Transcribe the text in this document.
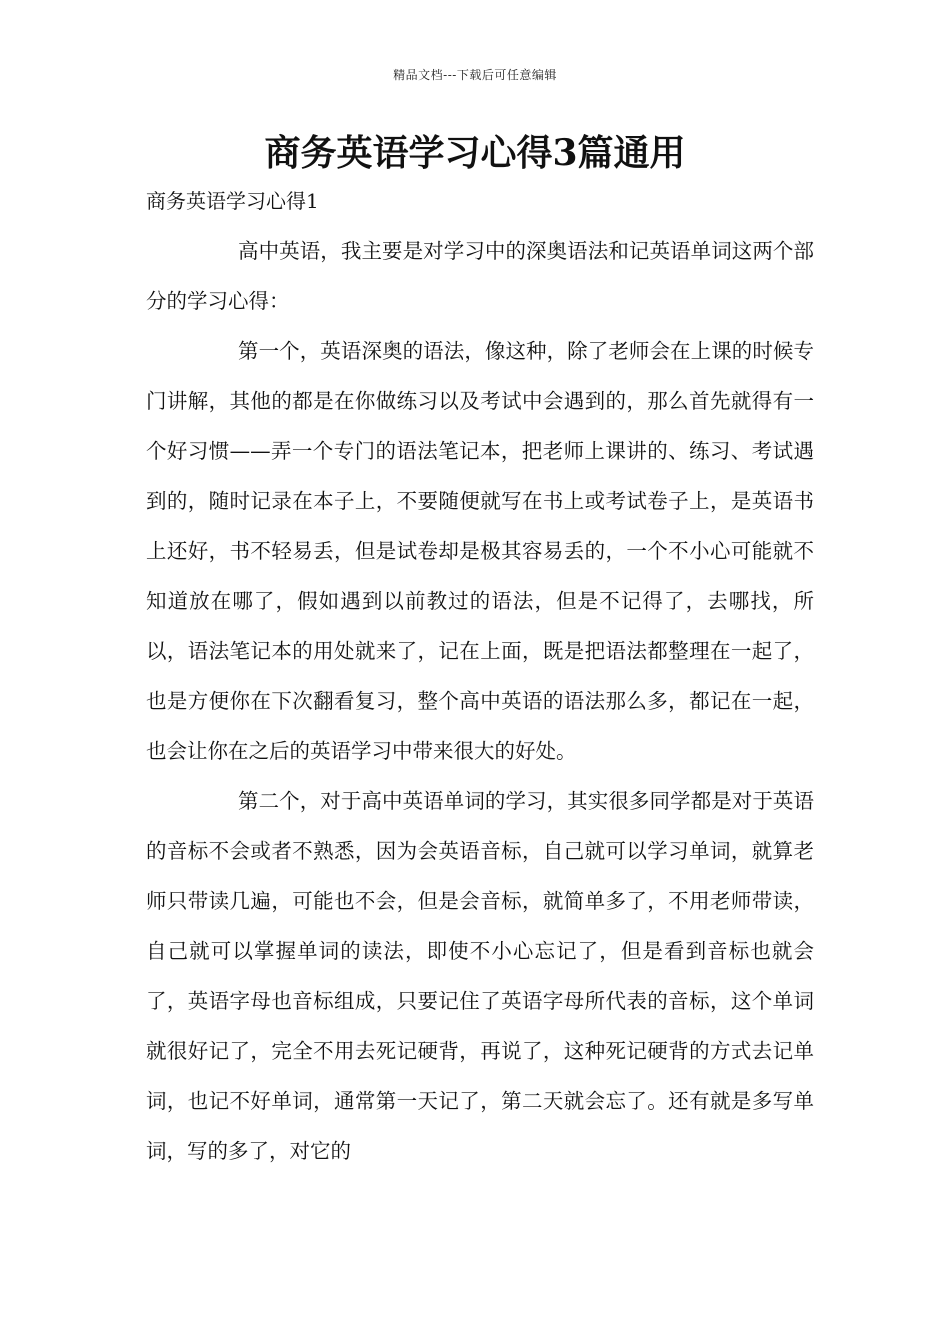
精品文档---下载后可任意编辑
商务英语学习心得3篇通用
商务英语学习心得1

高中英语，我主要是对学习中的深奥语法和记英语单词这两个部分的学习心得：

第一个，英语深奥的语法，像这种，除了老师会在上课的时候专门讲解，其他的都是在你做练习以及考试中会遇到的，那么首先就得有一个好习惯——弄一个专门的语法笔记本，把老师上课讲的、练习、考试遇到的，随时记录在本子上，不要随便就写在书上或考试卷子上，是英语书上还好，书不轻易丢，但是试卷却是极其容易丢的，一个不小心可能就不知道放在哪了，假如遇到以前教过的语法，但是不记得了，去哪找，所以，语法笔记本的用处就来了，记在上面，既是把语法都整理在一起了，也是方便你在下次翻看复习，整个高中英语的语法那么多，都记在一起，也会让你在之后的英语学习中带来很大的好处。

第二个，对于高中英语单词的学习，其实很多同学都是对于英语的音标不会或者不熟悉，因为会英语音标，自己就可以学习单词，就算老师只带读几遍，可能也不会，但是会音标，就简单多了，不用老师带读，自己就可以掌握单词的读法，即使不小心忘记了，但是看到音标也就会了，英语字母也音标组成，只要记住了英语字母所代表的音标，这个单词就很好记了，完全不用去死记硬背，再说了，这种死记硬背的方式去记单词，也记不好单词，通常第一天记了，第二天就会忘了。还有就是多写单词，写的多了，对它的
